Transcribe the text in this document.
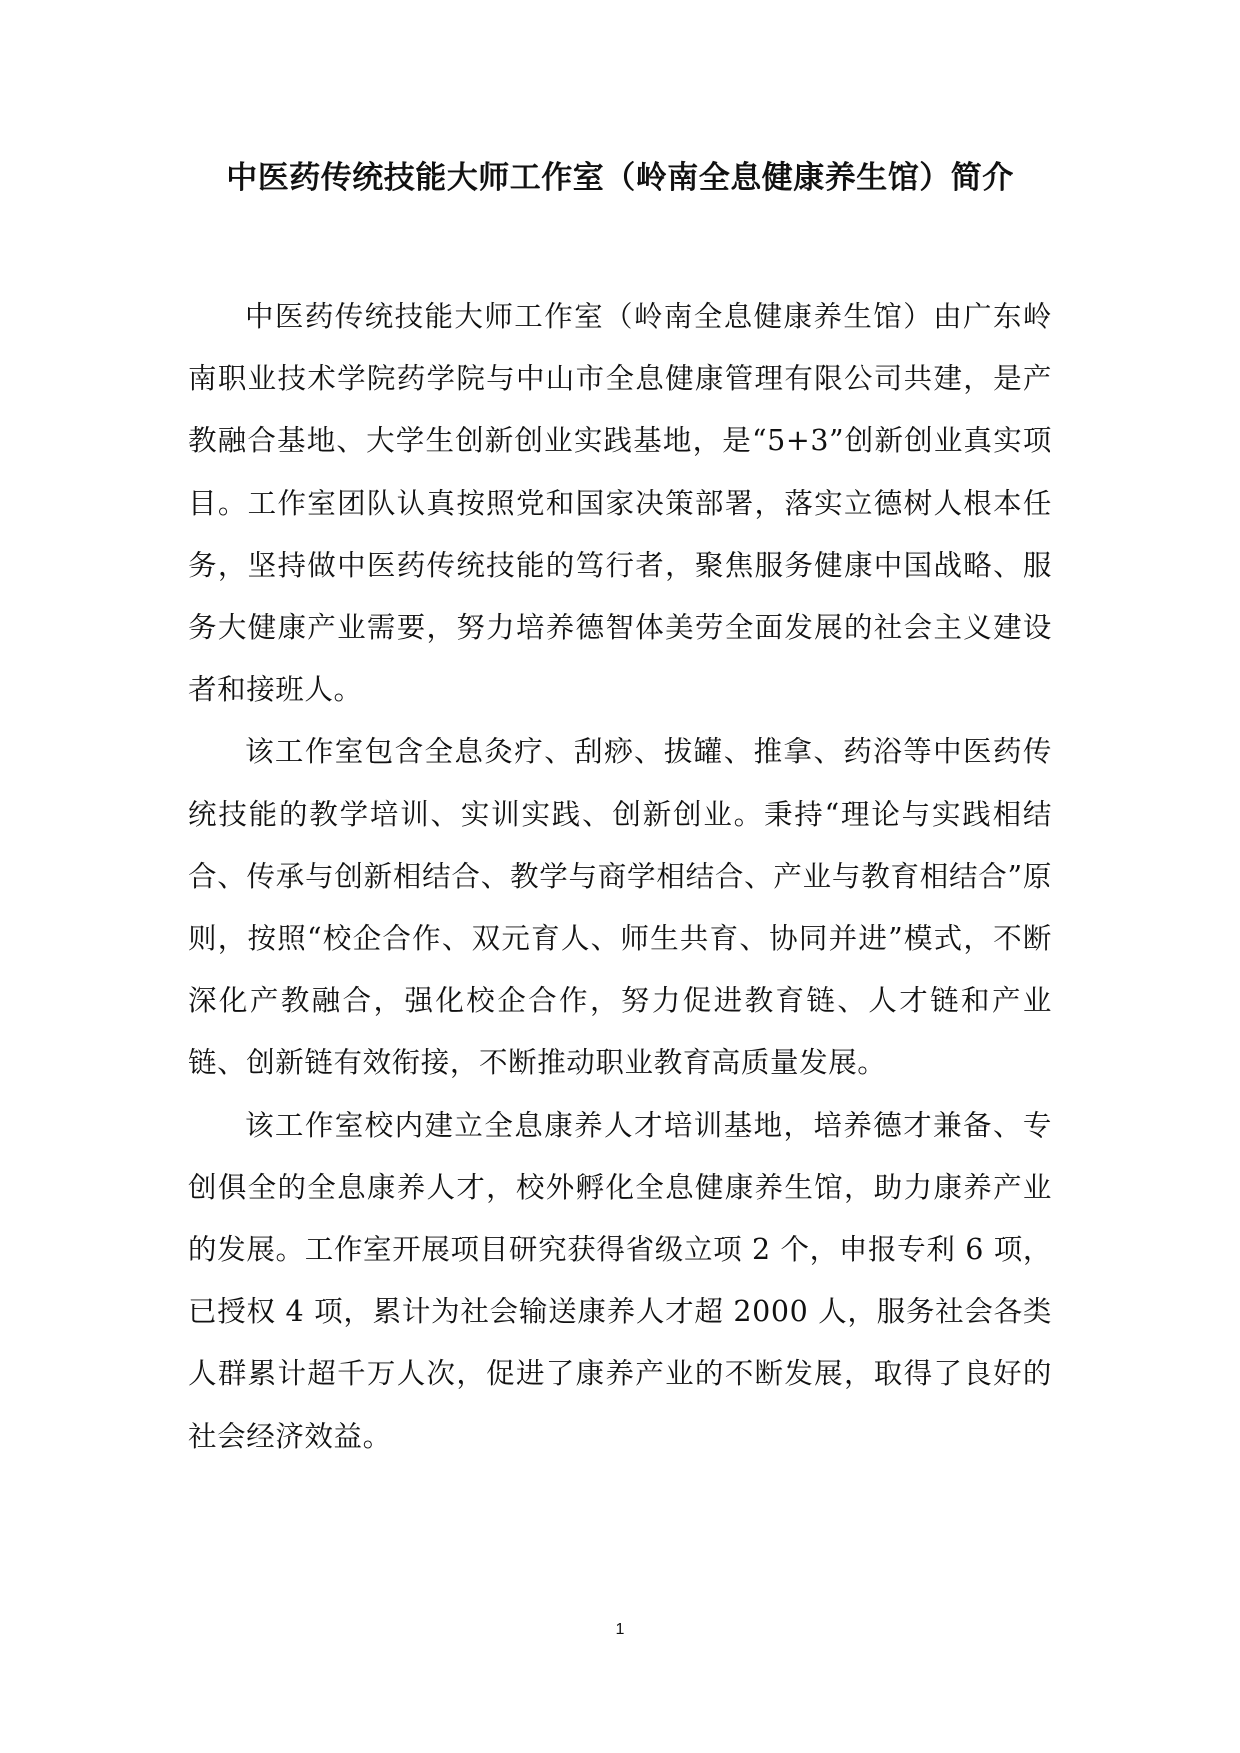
中医药传统技能大师工作室（岭南全息健康养生馆）简介

中医药传统技能大师工作室（岭南全息健康养生馆）由广东岭南职业技术学院药学院与中山市全息健康管理有限公司共建，是产教融合基地、大学生创新创业实践基地，是“5+3”创新创业真实项目。工作室团队认真按照党和国家决策部署，落实立德树人根本任务，坚持做中医药传统技能的笃行者，聚焦服务健康中国战略、服务大健康产业需要，努力培养德智体美劳全面发展的社会主义建设者和接班人。

该工作室包含全息灸疗、刮痧、拔罐、推拿、药浴等中医药传统技能的教学培训、实训实践、创新创业。秉持“理论与实践相结合、传承与创新相结合、教学与商学相结合、产业与教育相结合”原则，按照“校企合作、双元育人、师生共育、协同并进”模式，不断深化产教融合，强化校企合作，努力促进教育链、人才链和产业链、创新链有效衔接，不断推动职业教育高质量发展。

该工作室校内建立全息康养人才培训基地，培养德才兼备、专创俱全的全息康养人才，校外孵化全息健康养生馆，助力康养产业的发展。工作室开展项目研究获得省级立项 2 个，申报专利 6 项，已授权 4 项，累计为社会输送康养人才超 2000 人，服务社会各类人群累计超千万人次，促进了康养产业的不断发展，取得了良好的社会经济效益。

1
